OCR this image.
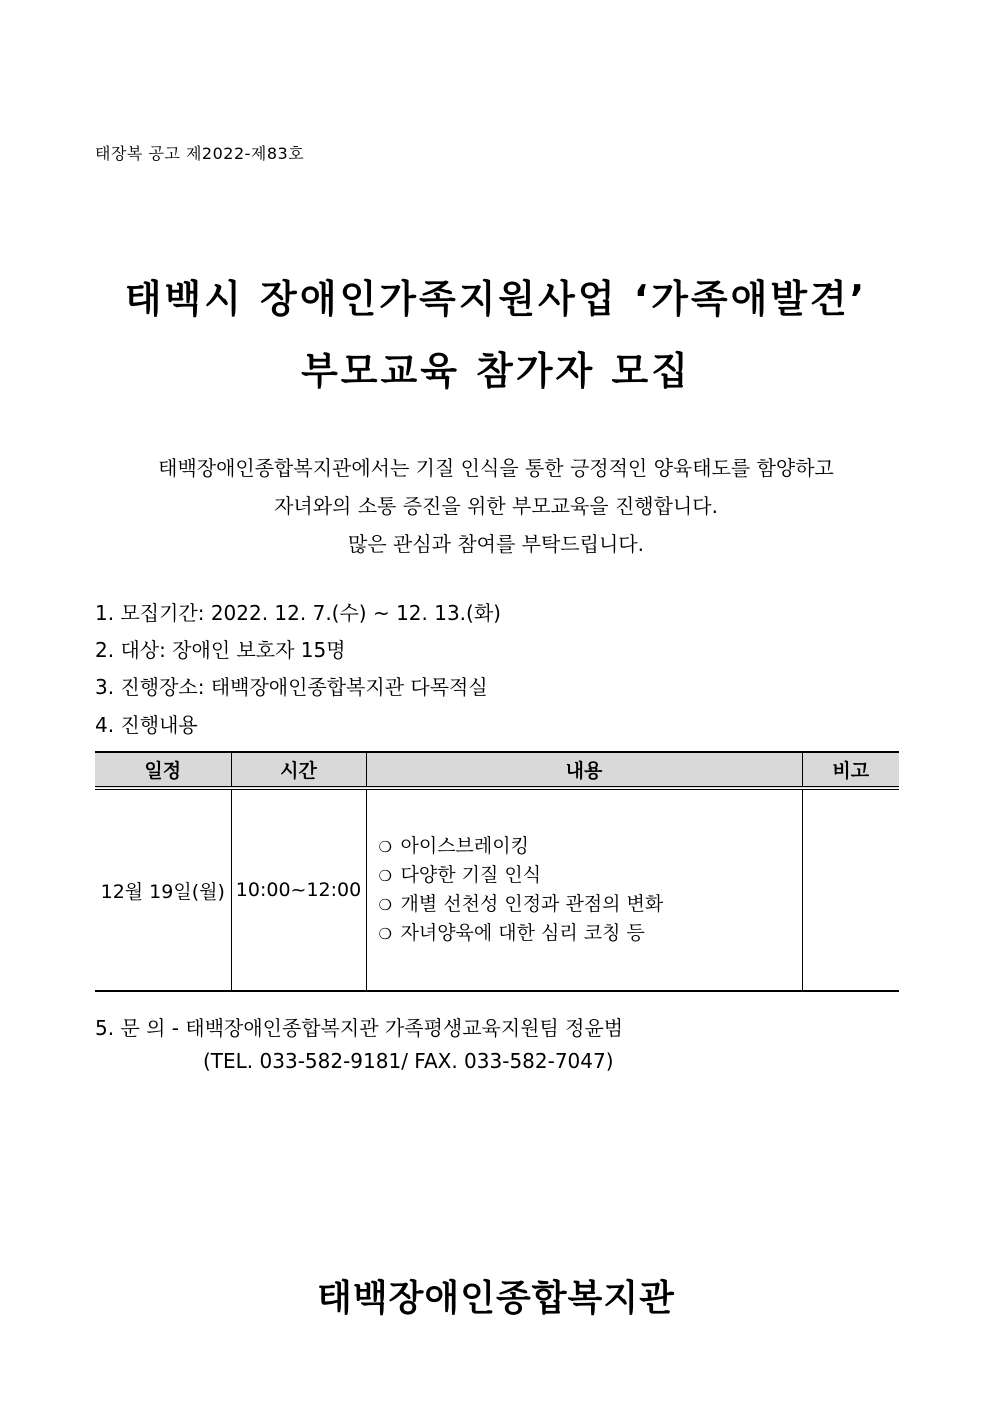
태장복 공고 제2022-제83호
태백시 장애인가족지원사업 ‘가족애발견’
부모교육 참가자 모집
태백장애인종합복지관에서는 기질 인식을 통한 긍정적인 양육태도를 함양하고
자녀와의 소통 증진을 위한 부모교육을 진행합니다.
많은 관심과 참여를 부탁드립니다.
1. 모집기간: 2022. 12. 7.(수) ~ 12. 13.(화)
2. 대상: 장애인 보호자 15명
3. 진행장소: 태백장애인종합복지관 다목적실
4. 진행내용
일정	시간	내용	비고
12월 19일(월)	10:00~12:00	❍ 아이스브레이킹
❍ 다양한 기질 인식
❍ 개별 선천성 인정과 관점의 변화
❍ 자녀양육에 대한 심리 코칭 등	

5. 문 의 - 태백장애인종합복지관 가족평생교육지원팀 정윤범
(TEL. 033-582-9181/ FAX. 033-582-7047)
태백장애인종합복지관
